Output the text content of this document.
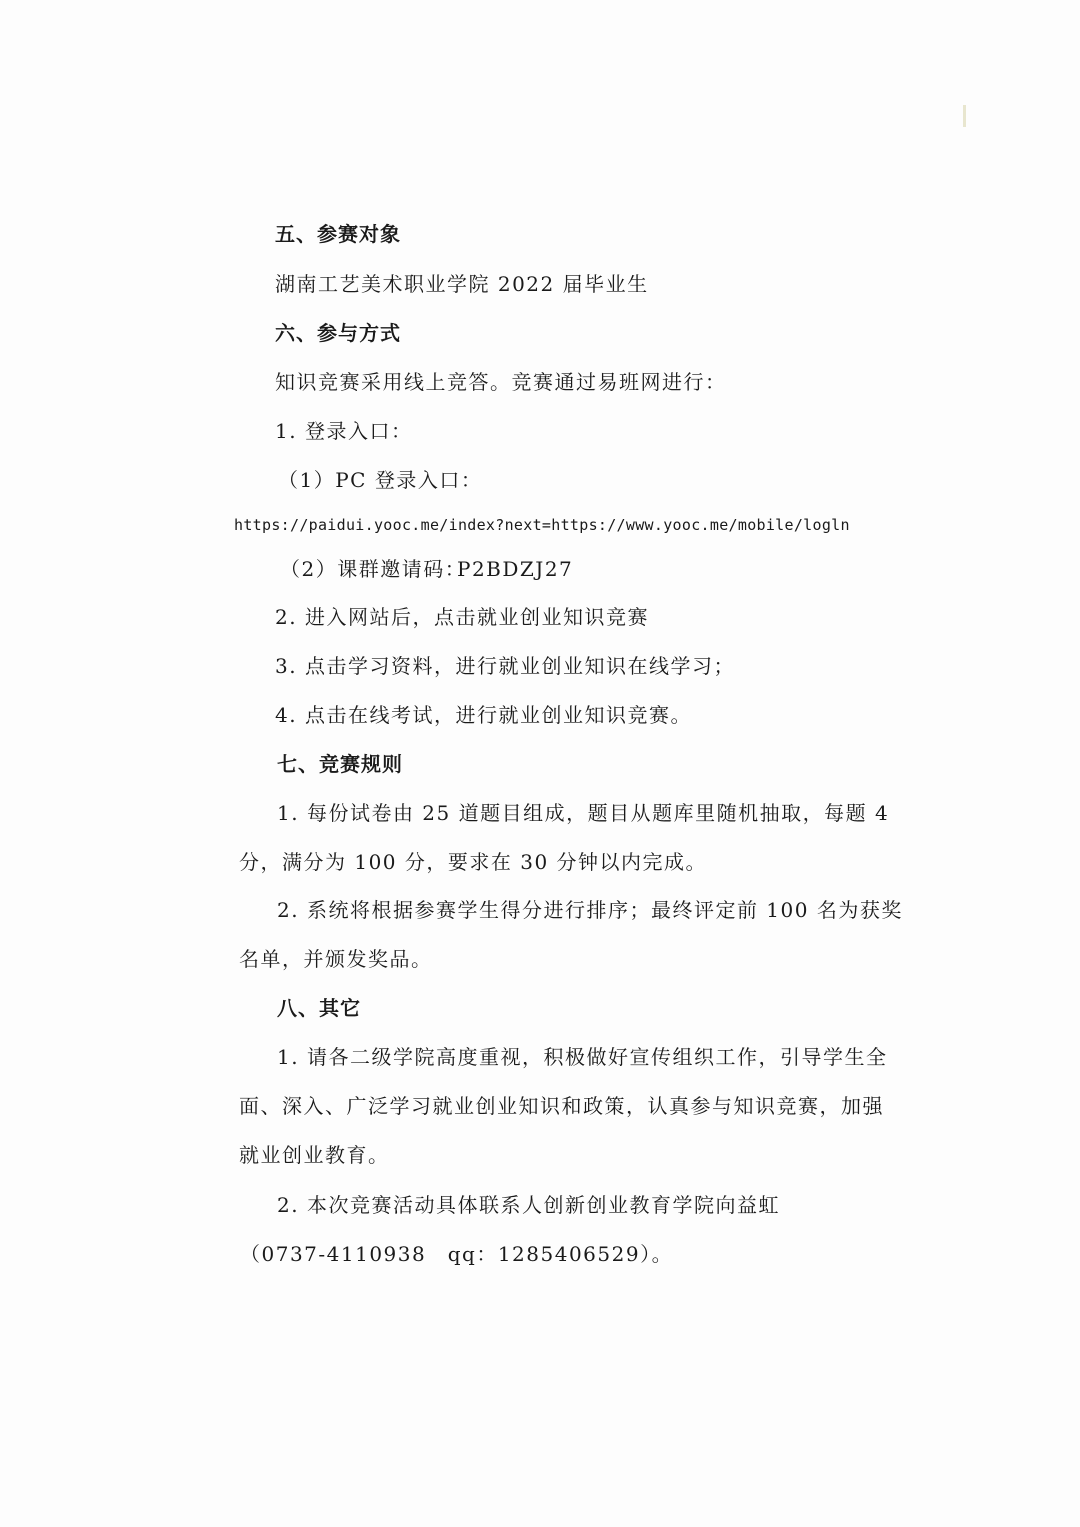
五、参赛对象
湖南工艺美术职业学院 2022 届毕业生
六、参与方式
知识竞赛采用线上竞答。竞赛通过易班网进行：
1. 登录入口：
（1）PC 登录入口：
https://paidui.yooc.me/index?next=https://www.yooc.me/mobile/logln
（2）课群邀请码：
P2BDZJ27
2. 进入网站后，点击就业创业知识竞赛
3. 点击学习资料，进行就业创业知识在线学习；
4. 点击在线考试，进行就业创业知识竞赛。
七、竞赛规则
1. 每份试卷由 25 道题目组成，题目从题库里随机抽取，每题 4
分，满分为 100 分，要求在 30 分钟以内完成。
2. 系统将根据参赛学生得分进行排序；最终评定前 100 名为获奖
名单，并颁发奖品。
八、其它
1. 请各二级学院高度重视，积极做好宣传组织工作，引导学生全
面、深入、广泛学习就业创业知识和政策，认真参与知识竞赛，加强
就业创业教育。
2. 本次竞赛活动具体联系人创新创业教育学院向益虹
（0737-4110938　qq：1285406529）。
